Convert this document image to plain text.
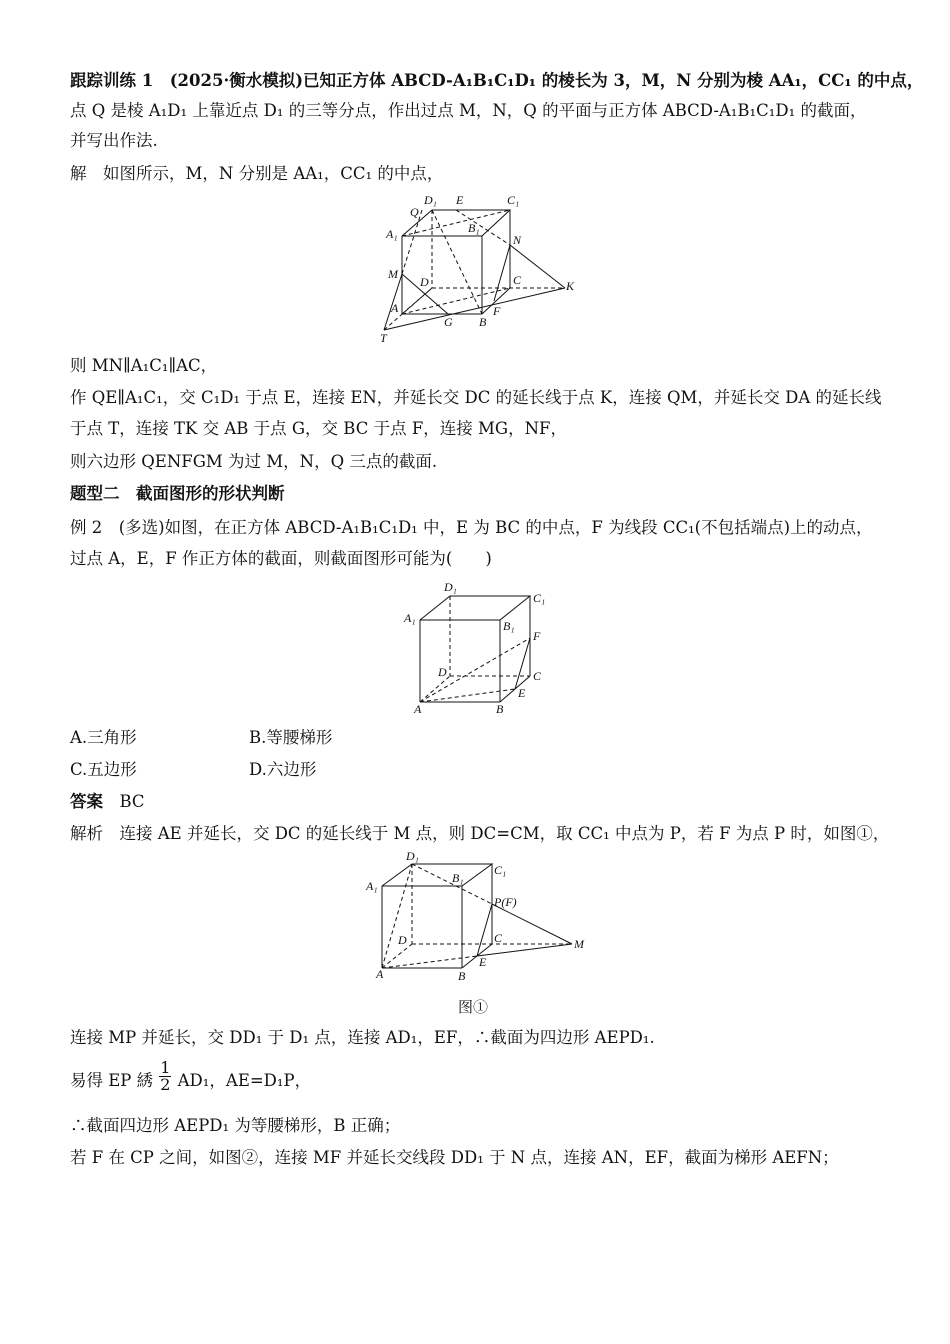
跟踪训练 1　(2025·衡水模拟)已知正方体 ABCD-A₁B₁C₁D₁ 的棱长为 3，M，N 分别为棱 AA₁，CC₁ 的中点，
点 Q 是棱 A₁D₁ 上靠近点 D₁ 的三等分点，作出过点 M，N，Q 的平面与正方体 ABCD-A₁B₁C₁D₁ 的截面，
并写出作法.
解　如图所示，M，N 分别是 AA₁，CC₁ 的中点，
Q
D₁ E	C₁
A₁	B₁
N
M
D	C	K
A
G B
F
T
则 MN∥A₁C₁∥AC，
作 QE∥A₁C₁，交 C₁D₁ 于点 E，连接 EN，并延长交 DC 的延长线于点 K，连接 QM，并延长交 DA 的延长线
于点 T，连接 TK 交 AB 于点 G，交 BC 于点 F，连接 MG，NF，
则六边形 QENFGM 为过 M，N，Q 三点的截面.
题型二　截面图形的形状判断
例 2　(多选)如图，在正方体 ABCD-A₁B₁C₁D₁ 中，E 为 BC 的中点，F 为线段 CC₁(不包括端点)上的动点，
过点 A，E，F 作正方体的截面，则截面图形可能为(　　)
D₁
C₁
A₁
B₁
F
D	C
E
A	B
A.三角形	B.等腰梯形
C.五边形	D.六边形
答案　 BC
解析　连接 AE 并延长，交 DC 的延长线于 M 点，则 DC=CM，取 CC₁ 中点为 P，若 F 为点 P 时，如图①，
D₁
C₁
A₁
B₁
P(F)
D	C	M
E
A	B
图①
连接 MP 并延长，交 DD₁ 于 D₁ 点，连接 AD₁，EF，∴截面为四边形 AEPD₁.
易得 EP 綉 $\frac{1}{2} AD_1$，AE=D₁P，
∴截面四边形 AEPD₁ 为等腰梯形，B 正确；
若 F 在 CP 之间，如图②，连接 MF 并延长交线段 DD₁ 于 N 点，连接 AN，EF，截面为梯形 AEFN；
